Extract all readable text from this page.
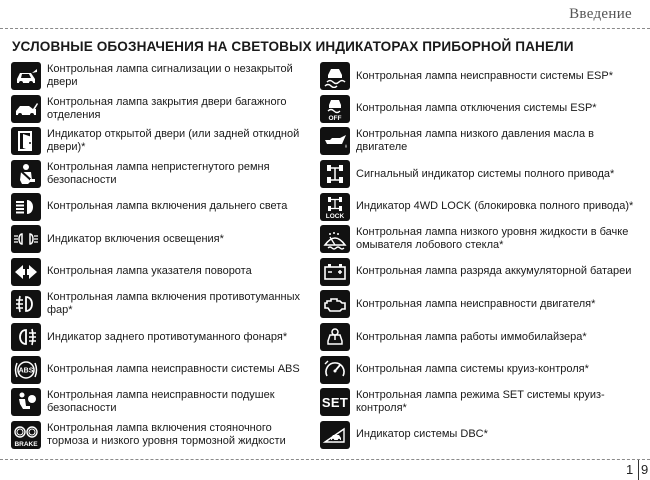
Введение
УСЛОВНЫЕ ОБОЗНАЧЕНИЯ НА СВЕТОВЫХ ИНДИКАТОРАХ ПРИБОРНОЙ ПАНЕЛИ
Контрольная лампа сигнализации о незакрытой двери
Контрольная лампа закрытия двери багажного отделения
Индикатор открытой двери (или задней откидной двери)*
Контрольная лампа непристегнутого ремня безопасности
Контрольная лампа включения дальнего света
Индикатор включения освещения*
Контрольная лампа указателя поворота
Контрольная лампа включения противотуманных фар*
Индикатор заднего противотуманного фонаря*
ABS Контрольная лампа неисправности системы ABS
Контрольная лампа неисправности подушек безопасности
BRAKE
Контрольная лампа включения стояночного тормоза и низкого уровня тормозной жидкости
Контрольная лампа неисправности системы ESP*
OFF
Контрольная лампа отключения системы ESP*
Контрольная лампа низкого давления масла в двигателе
Сигнальный индикатор системы полного привода*
LOCK
Индикатор 4WD LOCK (блокировка полного привода)*
Контрольная лампа низкого уровня жидкости в бачке омывателя лобового стекла*
Контрольная лампа разряда аккумуляторной батареи
Контрольная лампа неисправности двигателя*
Контрольная лампа работы иммобилайзера*
Контрольная лампа системы круиз-контроля*
SET Контрольная лампа режима SET системы круиз-контроля*
Индикатор системы DBC*
1 9
